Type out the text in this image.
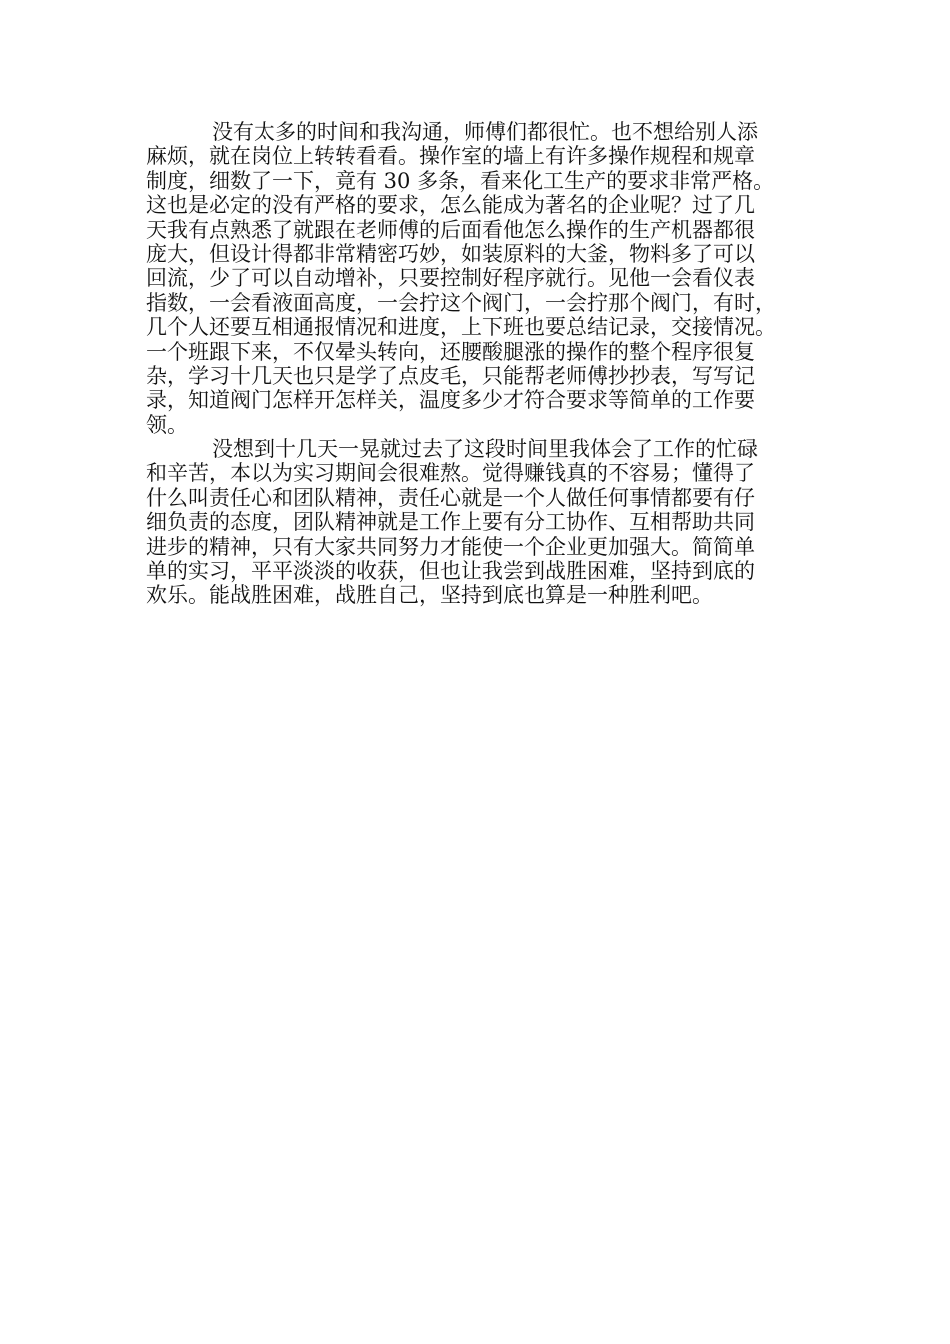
没有太多的时间和我沟通，师傅们都很忙。也不想给别人添
麻烦，就在岗位上转转看看。操作室的墙上有许多操作规程和规章
制度，细数了一下，竟有 30 多条，看来化工生产的要求非常严格。
这也是必定的没有严格的要求，怎么能成为著名的企业呢？过了几
天我有点熟悉了就跟在老师傅的后面看他怎么操作的生产机器都很
庞大，但设计得都非常精密巧妙，如装原料的大釜，物料多了可以
回流，少了可以自动增补，只要控制好程序就行。见他一会看仪表
指数，一会看液面高度，一会拧这个阀门，一会拧那个阀门，有时，
几个人还要互相通报情况和进度，上下班也要总结记录，交接情况。
一个班跟下来，不仅晕头转向，还腰酸腿涨的操作的整个程序很复
杂，学习十几天也只是学了点皮毛，只能帮老师傅抄抄表，写写记
录，知道阀门怎样开怎样关，温度多少才符合要求等简单的工作要
领。
没想到十几天一晃就过去了这段时间里我体会了工作的忙碌
和辛苦，本以为实习期间会很难熬。觉得赚钱真的不容易；懂得了
什么叫责任心和团队精神，责任心就是一个人做任何事情都要有仔
细负责的态度，团队精神就是工作上要有分工协作、互相帮助共同
进步的精神，只有大家共同努力才能使一个企业更加强大。简简单
单的实习，平平淡淡的收获，但也让我尝到战胜困难，坚持到底的
欢乐。能战胜困难，战胜自己，坚持到底也算是一种胜利吧。
